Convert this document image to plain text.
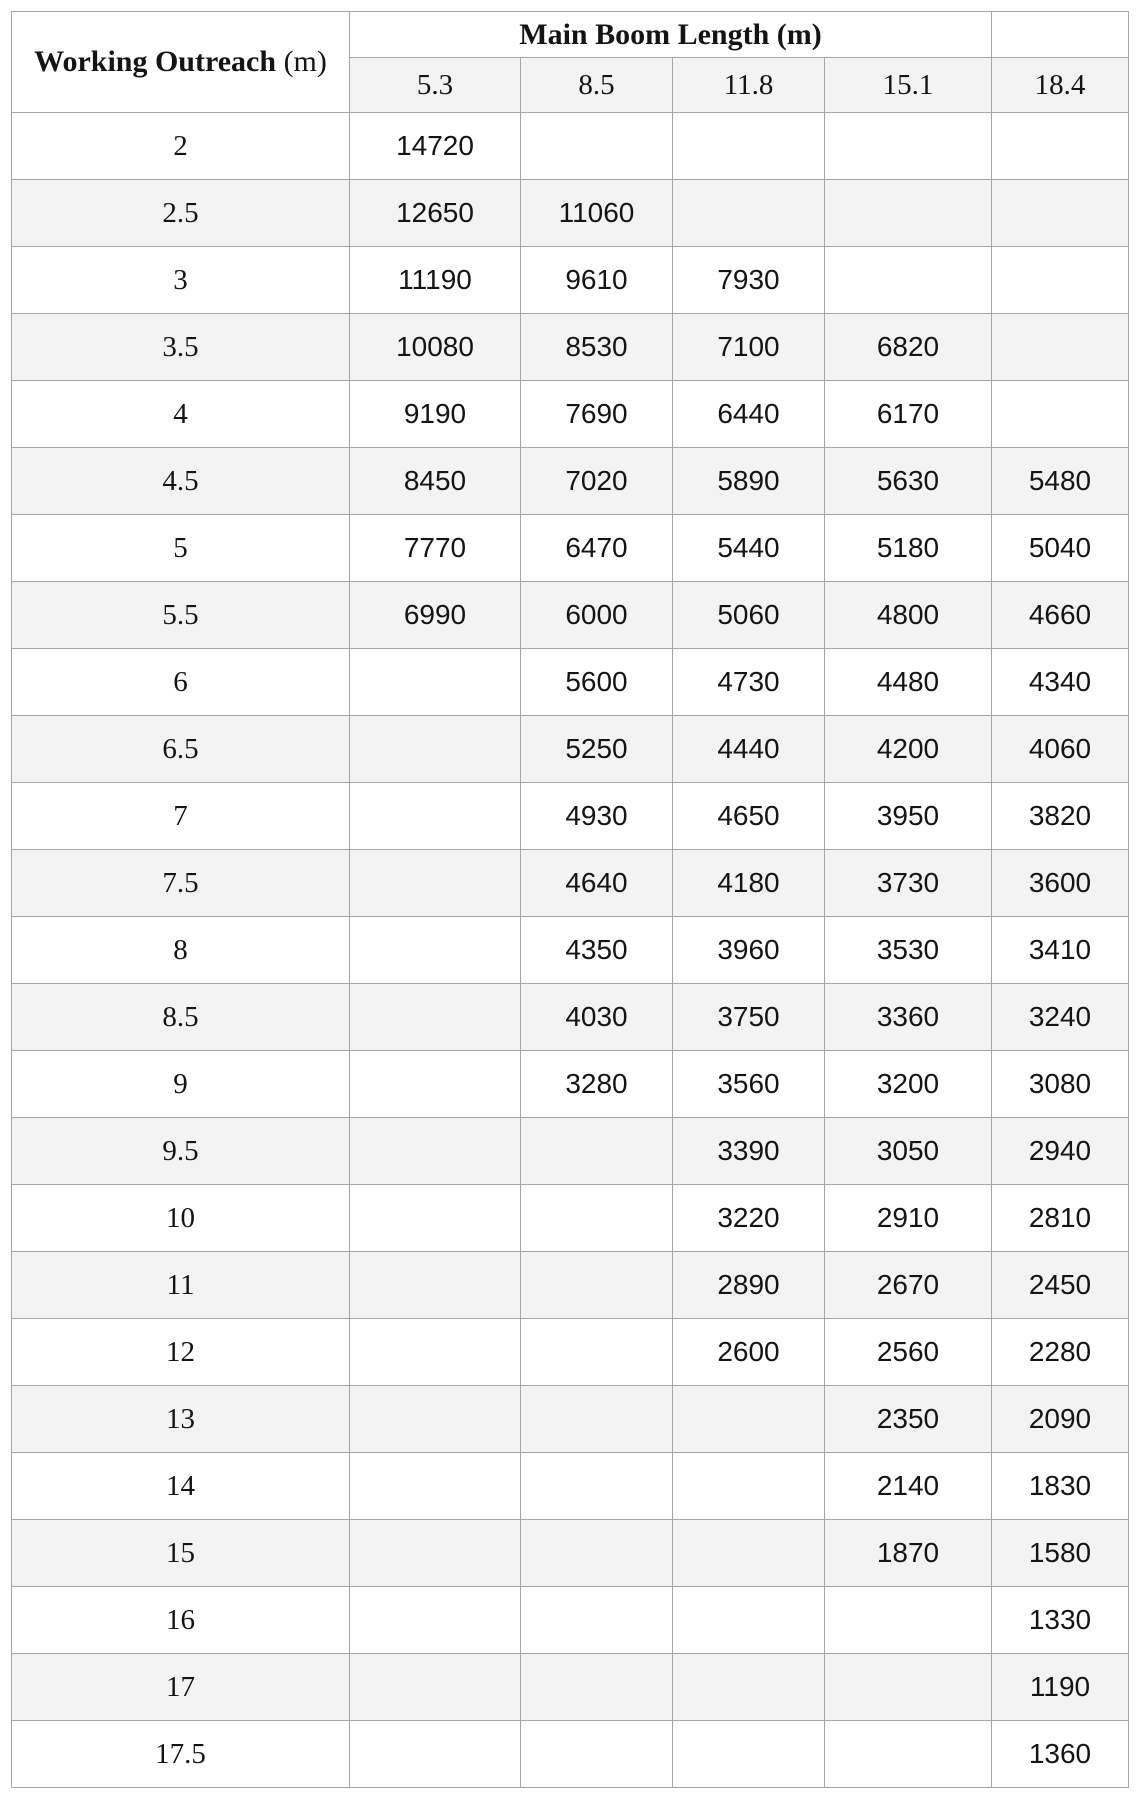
Working Outreach (m)	Main Boom Length (m)				
	5.3	8.5	11.8	15.1	18.4
2	14720				
2.5	12650	11060			
3	11190	9610	7930		
3.5	10080	8530	7100	6820	
4	9190	7690	6440	6170	
4.5	8450	7020	5890	5630	5480
5	7770	6470	5440	5180	5040
5.5	6990	6000	5060	4800	4660
6		5600	4730	4480	4340
6.5		5250	4440	4200	4060
7		4930	4650	3950	3820
7.5		4640	4180	3730	3600
8		4350	3960	3530	3410
8.5		4030	3750	3360	3240
9		3280	3560	3200	3080
9.5			3390	3050	2940
10			3220	2910	2810
11			2890	2670	2450
12			2600	2560	2280
13				2350	2090
14				2140	1830
15				1870	1580
16					1330
17					1190
17.5					1360
